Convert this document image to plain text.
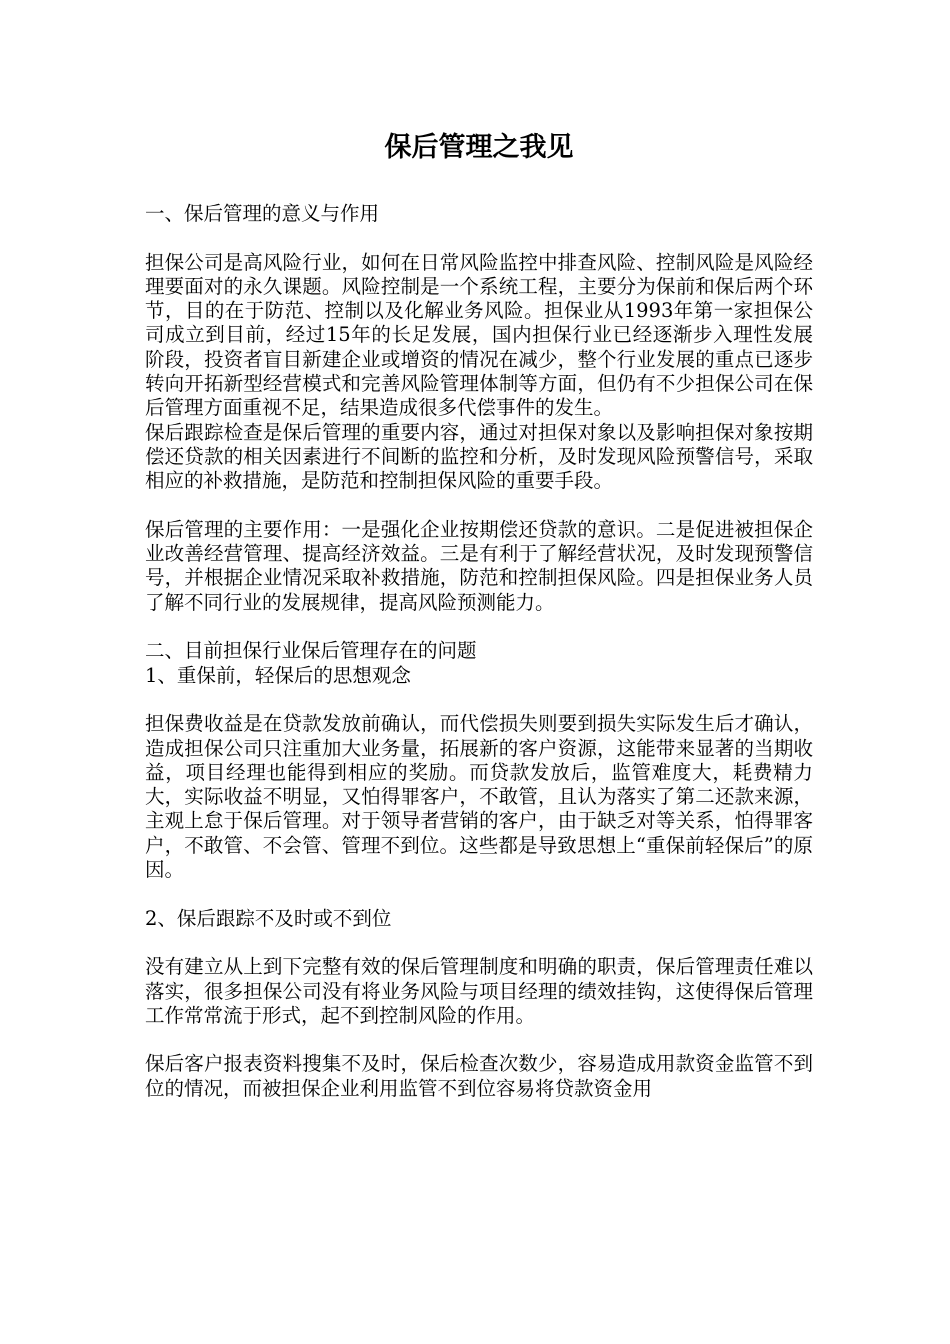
保后管理之我见
一、保后管理的意义与作用
担保公司是高风险行业，如何在日常风险监控中排查风险、控制风险是风险经理要面对的永久课题。风险控制是一个系统工程，主要分为保前和保后两个环节，目的在于防范、控制以及化解业务风险。担保业从1993年第一家担保公司成立到目前，经过15年的长足发展，国内担保行业已经逐渐步入理性发展阶段，投资者盲目新建企业或增资的情况在减少，整个行业发展的重点已逐步转向开拓新型经营模式和完善风险管理体制等方面，但仍有不少担保公司在保后管理方面重视不足，结果造成很多代偿事件的发生。
保后跟踪检查是保后管理的重要内容，通过对担保对象以及影响担保对象按期偿还贷款的相关因素进行不间断的监控和分析，及时发现风险预警信号，采取相应的补救措施，是防范和控制担保风险的重要手段。
保后管理的主要作用：一是强化企业按期偿还贷款的意识。二是促进被担保企业改善经营管理、提高经济效益。三是有利于了解经营状况，及时发现预警信号，并根据企业情况采取补救措施，防范和控制担保风险。四是担保业务人员了解不同行业的发展规律，提高风险预测能力。
二、目前担保行业保后管理存在的问题
1、重保前，轻保后的思想观念
担保费收益是在贷款发放前确认，而代偿损失则要到损失实际发生后才确认，造成担保公司只注重加大业务量，拓展新的客户资源，这能带来显著的当期收益，项目经理也能得到相应的奖励。而贷款发放后，监管难度大，耗费精力大，实际收益不明显，又怕得罪客户，不敢管，且认为落实了第二还款来源，主观上怠于保后管理。对于领导者营销的客户，由于缺乏对等关系，怕得罪客户，不敢管、不会管、管理不到位。这些都是导致思想上“重保前轻保后”的原因。
2、保后跟踪不及时或不到位
没有建立从上到下完整有效的保后管理制度和明确的职责，保后管理责任难以落实，很多担保公司没有将业务风险与项目经理的绩效挂钩，这使得保后管理工作常常流于形式，起不到控制风险的作用。
保后客户报表资料搜集不及时，保后检查次数少，容易造成用款资金监管不到位的情况，而被担保企业利用监管不到位容易将贷款资金用
